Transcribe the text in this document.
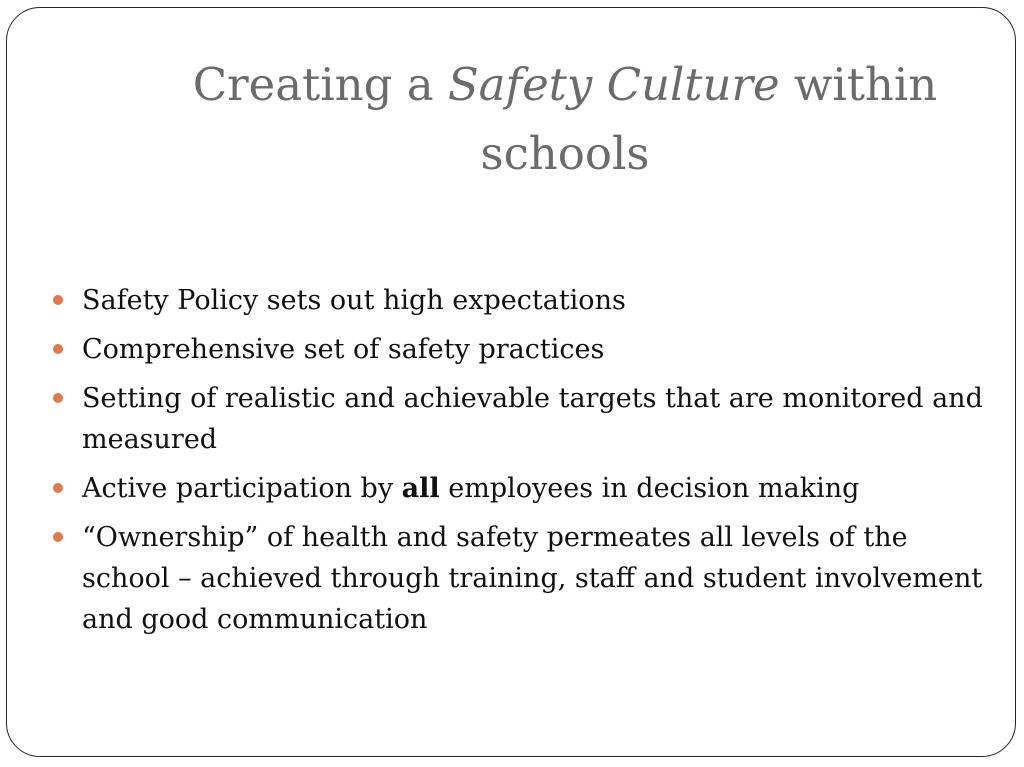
Creating a Safety Culture within schools
Safety Policy sets out high expectations
Comprehensive set of safety practices
Setting of realistic and achievable targets that are monitored and measured
Active participation by all employees in decision making
“Ownership” of health and safety permeates all levels of the school – achieved through training, staff and student involvement and good communication
